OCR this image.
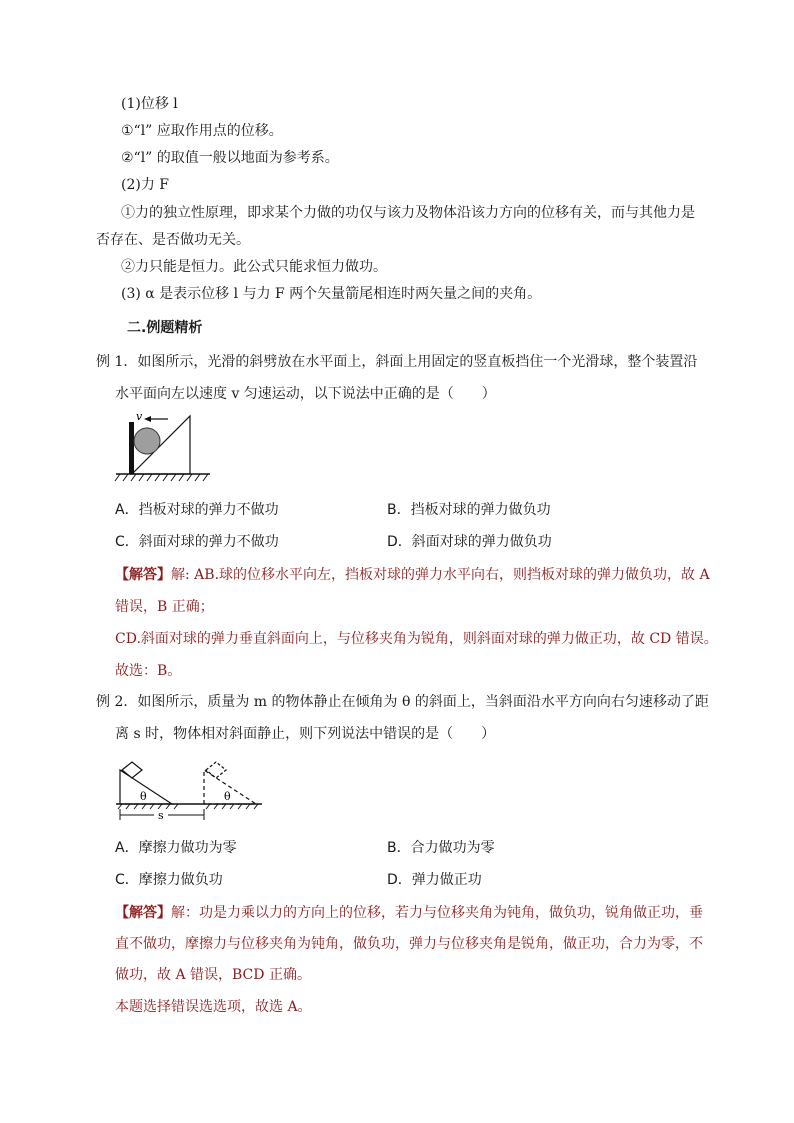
(1)位移 l
①“l” 应取作用点的位移。
②“l” 的取值一般以地面为参考系。
(2)力 F
①力的独立性原理，即求某个力做的功仅与该力及物体沿该力方向的位移有关，而与其他力是
否存在、是否做功无关。
②力只能是恒力。此公式只能求恒力做功。
(3) α 是表示位移 l 与力 F 两个矢量箭尾相连时两矢量之间的夹角。
二.例题精析
例 1．如图所示，光滑的斜劈放在水平面上，斜面上用固定的竖直板挡住一个光滑球，整个装置沿
水平面向左以速度 v 匀速运动，以下说法中正确的是（　　）
v
A．挡板对球的弹力不做功	B．挡板对球的弹力做负功
C．斜面对球的弹力不做功	D．斜面对球的弹力做负功
【解答】解: AB.球的位移水平向左，挡板对球的弹力水平向右，则挡板对球的弹力做负功，故 A
错误，B 正确；
CD.斜面对球的弹力垂直斜面向上，与位移夹角为锐角，则斜面对球的弹力做正功，故 CD 错误。
故选：B。
例 2．如图所示，质量为 m 的物体静止在倾角为 θ 的斜面上，当斜面沿水平方向向右匀速移动了距
离 s 时，物体相对斜面静止，则下列说法中错误的是（　　）
θ	θ
s
A．摩擦力做功为零	B．合力做功为零
C．摩擦力做负功	D．弹力做正功
【解答】解：功是力乘以力的方向上的位移，若力与位移夹角为钝角，做负功，锐角做正功，垂
直不做功，摩擦力与位移夹角为钝角，做负功，弹力与位移夹角是锐角，做正功，合力为零，不
做功，故 A 错误，BCD 正确。
本题选择错误选选项，故选 A。
